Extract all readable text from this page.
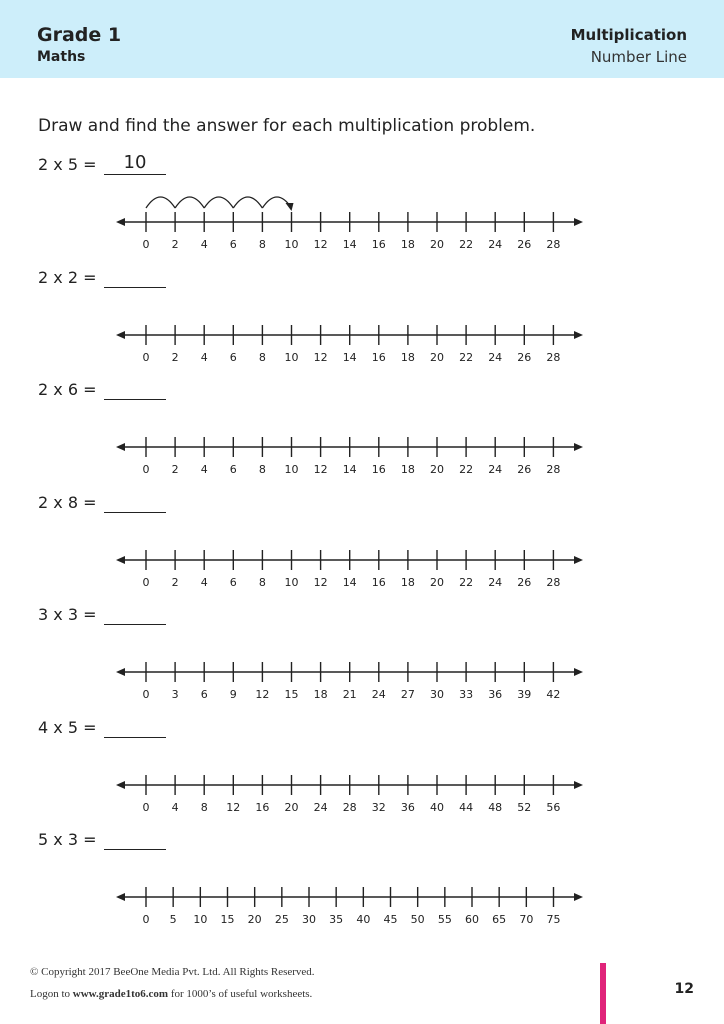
Grade 1
Maths
Multiplication
Number Line
Draw and find the answer for each multiplication problem.
2 x 5 =	10
0 2 4 6 8 10 12 14 16 18 20 22 24 26 28
2 x 2 =
0 2 4 6 8 10 12 14 16 18 20 22 24 26 28
2 x 6 =
0 2 4 6 8 10 12 14 16 18 20 22 24 26 28
2 x 8 =
0 2 4 6 8 10 12 14 16 18 20 22 24 26 28
3 x 3 =
0 3 6 9 12 15 18 21 24 27 30 33 36 39 42
4 x 5 =
0 4 8 12 16 20 24 28 32 36 40 44 48 52 56
5 x 3 =
0 5 10 15 20 25 30 35 40 45 50 55 60 65 70 75
© Copyright 2017 BeeOne Media Pvt. Ltd. All Rights Reserved.
Logon to www.grade1to6.com for 1000’s of useful worksheets.	12
